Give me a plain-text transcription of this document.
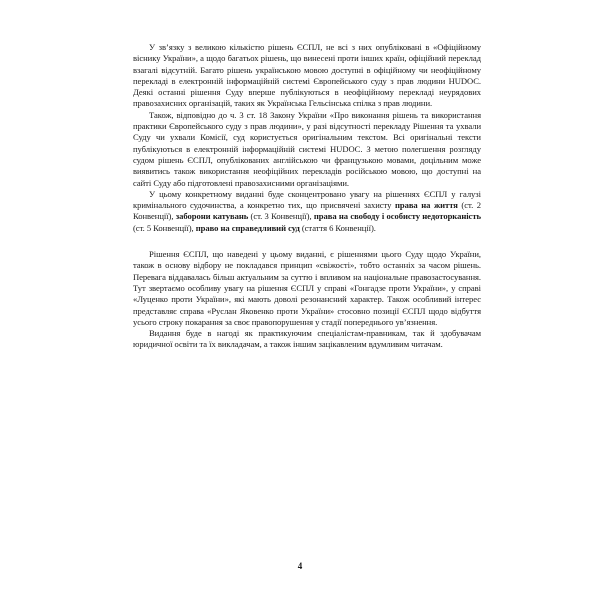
У зв’язку з великою кількістю рішень ЄСПЛ, не всі з них опубліковані в «Офіційному віснику України», а щодо багатьох рішень, що винесені проти інших країн, офіційний переклад взагалі відсутній. Багато рішень українською мовою доступні в офіційному чи неофіційному перекладі в електронній інформаційній системі Європейського суду з прав людини HUDOC. Деякі останні рішення Суду вперше публікуються в неофіційному перекладі неурядових правозахисних організацій, таких як Українська Гельсінська спілка з прав людини.

Також, відповідно до ч. 3 ст. 18 Закону України «Про виконання рішень та використання практики Європейського суду з прав людини», у разі відсутності перекладу Рішення та ухвали Суду чи ухвали Комісії, суд користується оригінальним текстом. Всі оригінальні тексти публікуються в електронній інформаційній системі HUDOC. З метою полегшення розгляду судом рішень ЄСПЛ, опублікованих англійською чи французькою мовами, доцільним може виявитись також використання неофіційних перекладів російською мовою, що доступні на сайті Суду або підготовлені правозахисними організаціями.

У цьому конкретному виданні буде сконцентровано увагу на рішеннях ЄСПЛ у галузі кримінального судочинства, а конкретно тих, що присвячені захисту права на життя (ст. 2 Конвенції), заборони катувань (ст. 3 Конвенції), права на свободу і особисту недоторканість (ст. 5 Конвенції), право на справедливий суд (стаття 6 Конвенції).

Рішення ЄСПЛ, що наведені у цьому виданні, є рішеннями цього Суду щодо України, також в основу відбору не покладався принцип «свіжості», тобто останніх за часом рішень. Перевага віддавалась більш актуальним за суттю і впливом на національне правозастосування. Тут звертаємо особливу увагу на рішення ЄСПЛ у справі «Гонгадзе проти України», у справі «Луценко проти України», які мають доволі резонансний характер. Також особливий інтерес представляє справа «Руслан Яковенко проти України» стосовно позиції ЄСПЛ щодо відбуття усього строку покарання за своє правопорушення у стадії попереднього ув’язнення.

Видання буде в нагоді як практикуючим спеціалістам-правникам, так й здобувачам юридичної освіти та їх викладачам, а також іншим зацікавленим вдумливим читачам.

4
